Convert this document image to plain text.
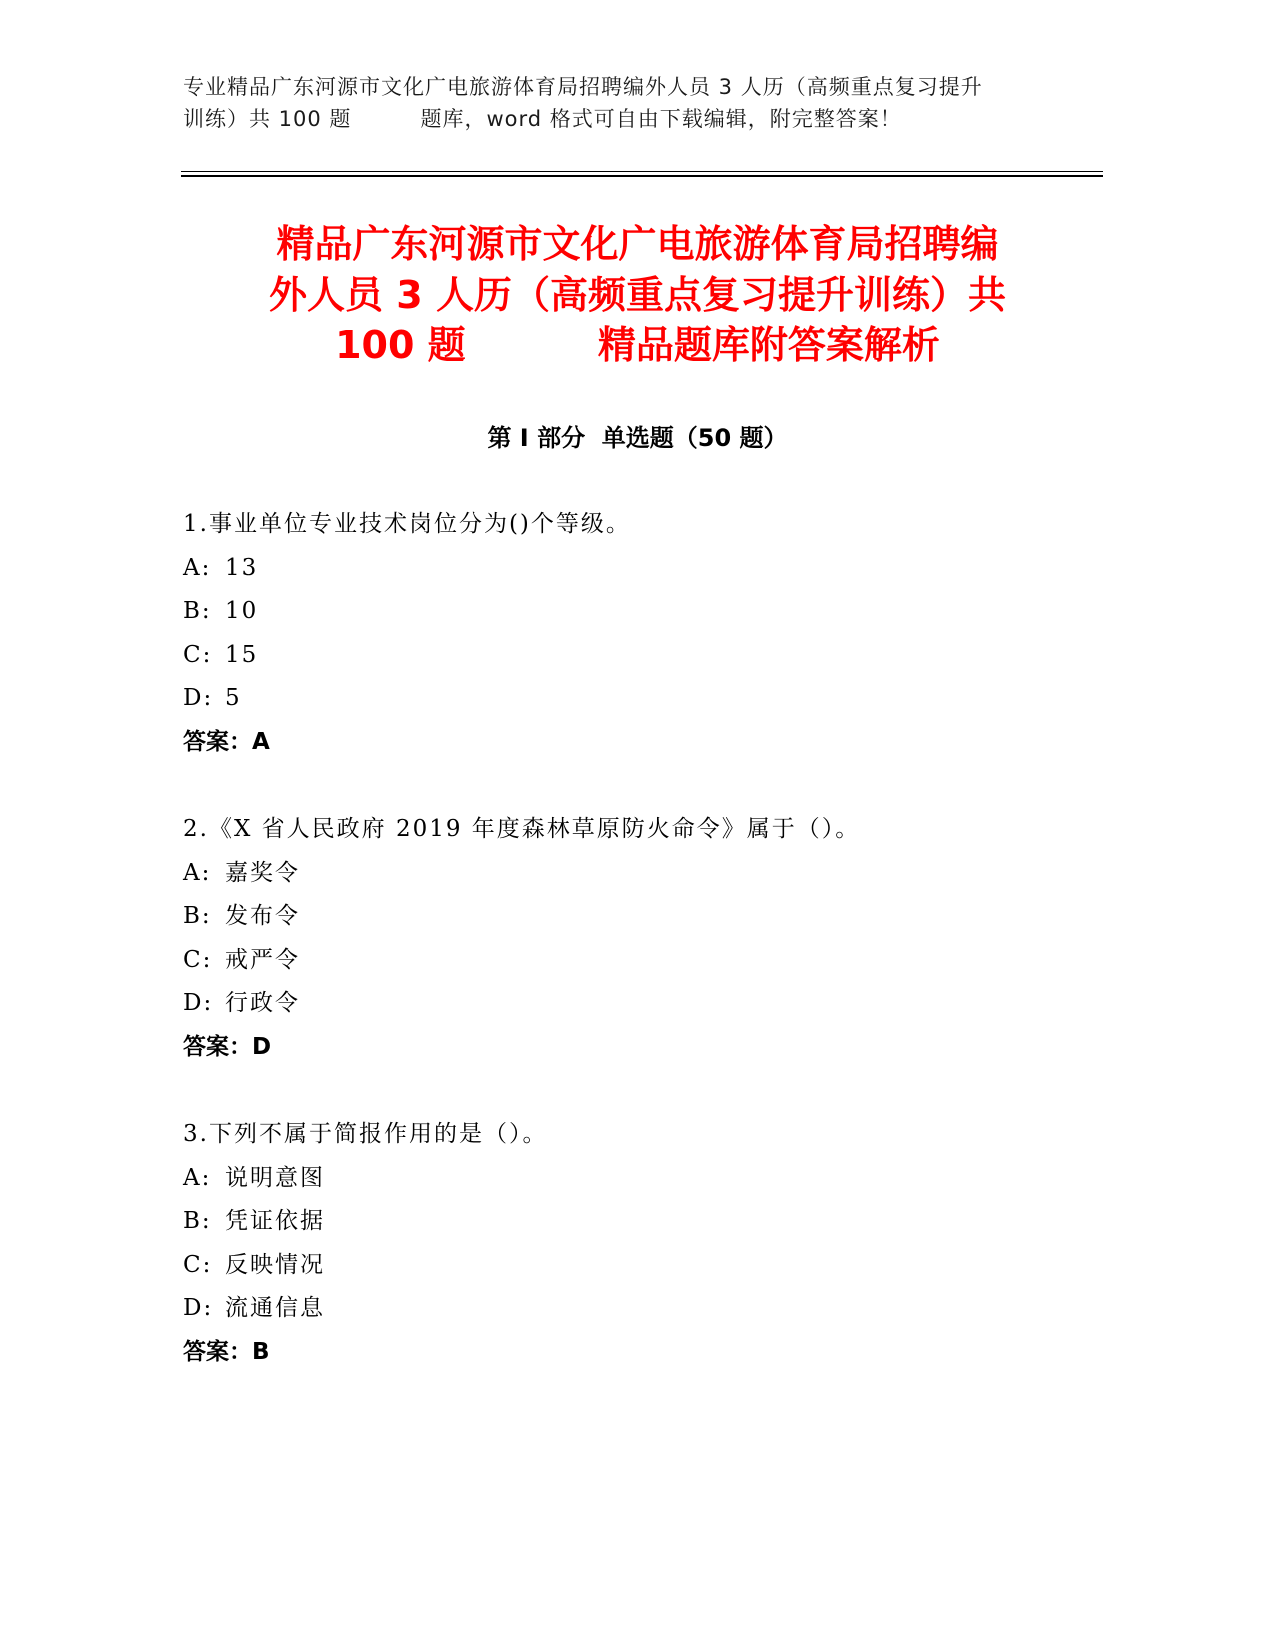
专业精品广东河源市文化广电旅游体育局招聘编外人员 3 人历（高频重点复习提升
训练）共 100 题         题库，word 格式可自由下载编辑，附完整答案！
精品广东河源市文化广电旅游体育局招聘编
外人员 3 人历（高频重点复习提升训练）共
100 题          精品题库附答案解析
第 I 部分  单选题（50 题）
1.事业单位专业技术岗位分为()个等级。
A: 13
B: 10
C: 15
D: 5
答案：A
2.《X 省人民政府 2019 年度森林草原防火命令》属于（）。
A: 嘉奖令
B: 发布令
C: 戒严令
D: 行政令
答案：D
3.下列不属于简报作用的是（）。
A: 说明意图
B: 凭证依据
C: 反映情况
D: 流通信息
答案：B
